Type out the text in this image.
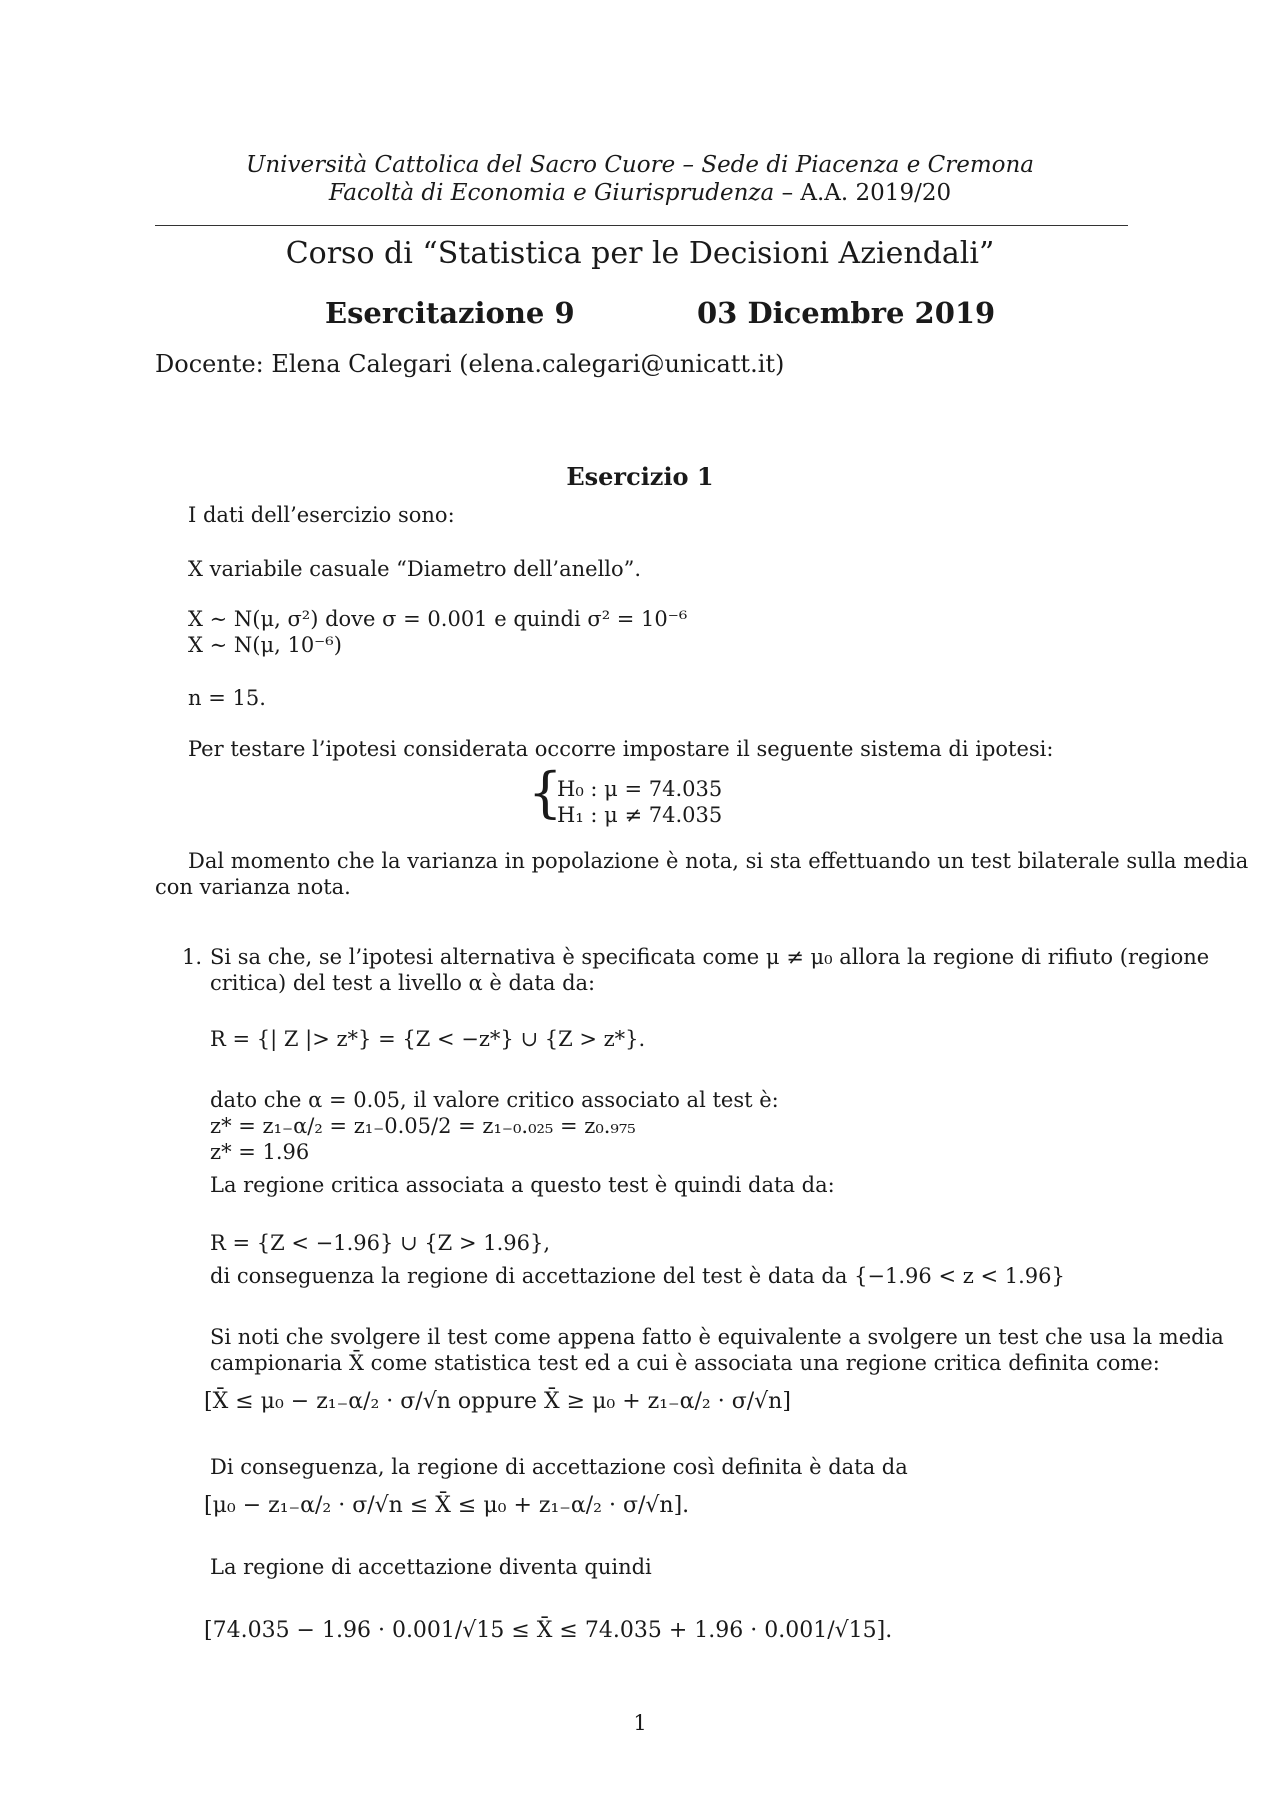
Università Cattolica del Sacro Cuore – Sede di Piacenza e Cremona
Facoltà di Economia e Giurisprudenza – A.A. 2019/20
Corso di “Statistica per le Decisioni Aziendali”
Esercitazione 9	03 Dicembre 2019
Docente: Elena Calegari (elena.calegari@unicatt.it)
Esercizio 1
I dati dell’esercizio sono:
X variabile casuale “Diametro dell’anello”.
X ∼ N(μ, σ²) dove σ = 0.001 e quindi σ² = 10⁻⁶
X ∼ N(μ, 10⁻⁶)
n = 15.
Per testare l’ipotesi considerata occorre impostare il seguente sistema di ipotesi:
{
H₀ : μ = 74.035
H₁ : μ ≠ 74.035
Dal momento che la varianza in popolazione è nota, si sta effettuando un test bilaterale sulla media
con varianza nota.
1. Si sa che, se l’ipotesi alternativa è specificata come μ ≠ μ₀ allora la regione di rifiuto (regione
critica) del test a livello α è data da:
R = {| Z |> z*} = {Z < −z*} ∪ {Z > z*}.
dato che α = 0.05, il valore critico associato al test è:
z* = z₁₋α/₂ = z₁₋0.05/2 = z₁₋₀.₀₂₅ = z₀.₉₇₅
z* = 1.96
La regione critica associata a questo test è quindi data da:
R = {Z < −1.96} ∪ {Z > 1.96},
di conseguenza la regione di accettazione del test è data da {−1.96 < z < 1.96}
Si noti che svolgere il test come appena fatto è equivalente a svolgere un test che usa la media
campionaria X̄ come statistica test ed a cui è associata una regione critica definita come:
[X̄ ≤ μ₀ − z₁₋α/₂ · σ/√n oppure X̄ ≥ μ₀ + z₁₋α/₂ · σ/√n]
Di conseguenza, la regione di accettazione così definita è data da
[μ₀ − z₁₋α/₂ · σ/√n ≤ X̄ ≤ μ₀ + z₁₋α/₂ · σ/√n].
La regione di accettazione diventa quindi
[74.035 − 1.96 · 0.001/√15 ≤ X̄ ≤ 74.035 + 1.96 · 0.001/√15].
1
